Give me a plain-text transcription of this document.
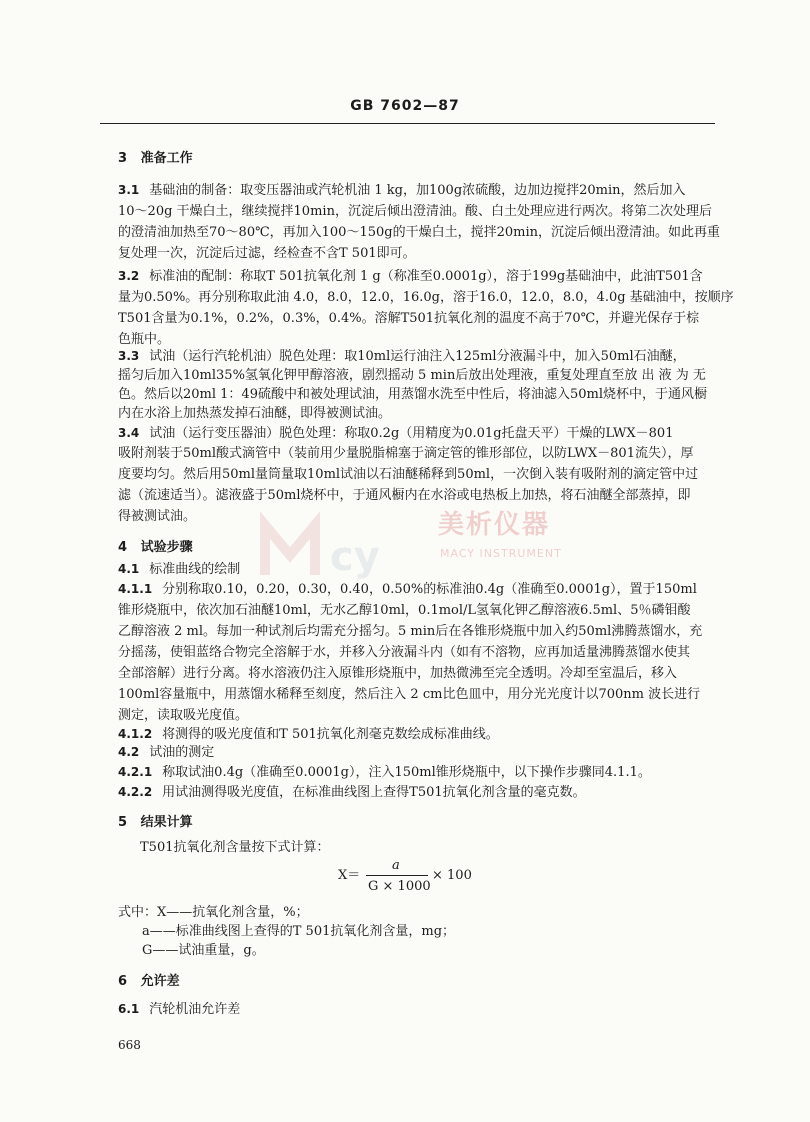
GB 7602—87
cy
美析仪器
MACY INSTRUMENT
3 准备工作
3.1 基础油的制备：取变压器油或汽轮机油 1 kg，加100g浓硫酸，边加边搅拌20min，然后加入
10～20g 干燥白土，继续搅拌10min，沉淀后倾出澄清油。酸、白土处理应进行两次。将第二次处理后
的澄清油加热至70～80℃，再加入100～150g的干燥白土，搅拌20min，沉淀后倾出澄清油。如此再重
复处理一次，沉淀后过滤，经检查不含T 501即可。
3.2 标准油的配制：称取T 501抗氧化剂 1 g（称准至0.0001g），溶于199g基础油中，此油T501含
量为0.50%。再分别称取此油 4.0，8.0，12.0，16.0g，溶于16.0，12.0，8.0，4.0g 基础油中，按顺序
T501含量为0.1%，0.2%，0.3%，0.4%。溶解T501抗氧化剂的温度不高于70℃，并避光保存于棕
色瓶中。
3.3 试油（运行汽轮机油）脱色处理：取10ml运行油注入125ml分液漏斗中，加入50ml石油醚，
摇匀后加入10ml35%氢氧化钾甲醇溶液，剧烈摇动 5 min后放出处理液，重复处理直至放 出 液 为 无
色。然后以20ml 1：49硫酸中和被处理试油，用蒸馏水洗至中性后，将油滤入50ml烧杯中，于通风橱
内在水浴上加热蒸发掉石油醚，即得被测试油。
3.4 试油（运行变压器油）脱色处理：称取0.2g（用精度为0.01g托盘天平）干燥的LWX－801
吸附剂装于50ml酸式滴管中（装前用少量脱脂棉塞于滴定管的锥形部位，以防LWX－801流失），厚
度要均匀。然后用50ml量筒量取10ml试油以石油醚稀释到50ml，一次倒入装有吸附剂的滴定管中过
滤（流速适当）。滤液盛于50ml烧杯中，于通风橱内在水浴或电热板上加热，将石油醚全部蒸掉，即
得被测试油。
4 试验步骤
4.1 标准曲线的绘制
4.1.1 分别称取0.10，0.20，0.30，0.40，0.50%的标准油0.4g（准确至0.0001g），置于150ml
锥形烧瓶中，依次加石油醚10ml，无水乙醇10ml，0.1mol/L氢氧化钾乙醇溶液6.5ml、5％磷钼酸
乙醇溶液 2 ml。每加一种试剂后均需充分摇匀。5 min后在各锥形烧瓶中加入约50ml沸腾蒸馏水，充
分摇荡，使钼蓝络合物完全溶解于水，并移入分液漏斗内（如有不溶物，应再加适量沸腾蒸馏水使其
全部溶解）进行分离。将水溶液仍注入原锥形烧瓶中，加热微沸至完全透明。冷却至室温后，移入
100ml容量瓶中，用蒸馏水稀释至刻度，然后注入 2 cm比色皿中，用分光光度计以700nm 波长进行
测定，读取吸光度值。
4.1.2 将测得的吸光度值和T 501抗氧化剂毫克数绘成标准曲线。
4.2 试油的测定
4.2.1 称取试油0.4g（准确至0.0001g），注入150ml锥形烧瓶中，以下操作步骤同4.1.1。
4.2.2 用试油测得吸光度值，在标准曲线图上查得T501抗氧化剂含量的毫克数。
5 结果计算
T501抗氧化剂含量按下式计算：
X＝
a
G × 1000
× 100
式中：X——抗氧化剂含量，%；
a——标准曲线图上查得的T 501抗氧化剂含量，mg；
G——试油重量，g。
6 允许差
6.1 汽轮机油允许差
668
